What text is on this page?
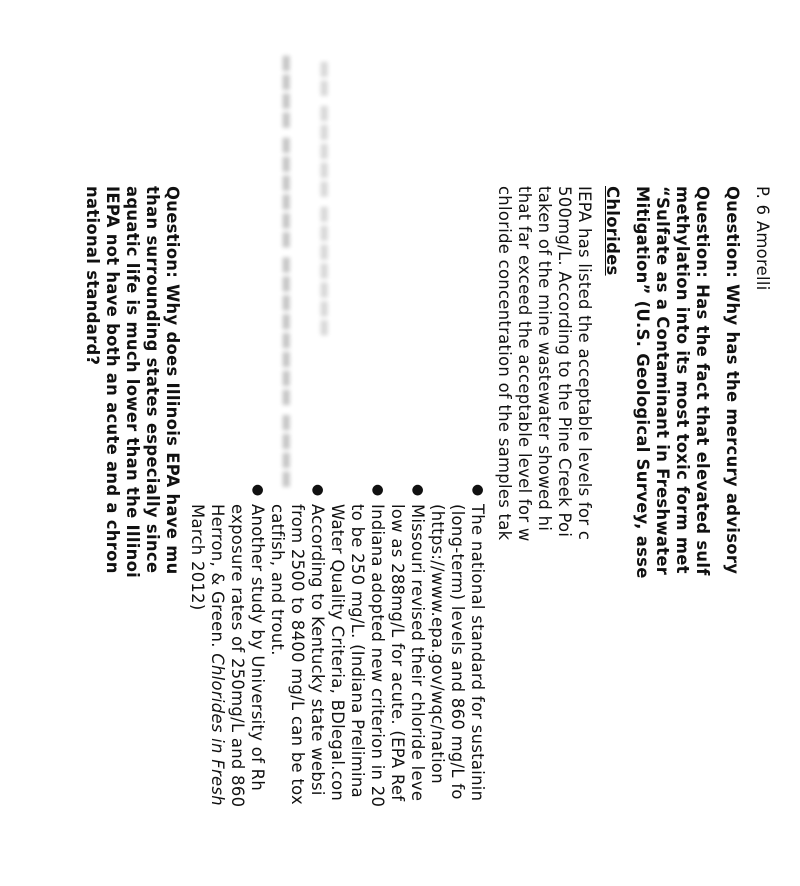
▬▬▬▬ ▬▬▬▬▬▬ ▬▬▬▬▬▬▬▬ ▬▬▬▬ ▬▬ ▬▬▬▬▬ ▬▬▬▬▬▬▬	P. 6 Amorelli
Question: Why has the mercury advisory
Question: Has the fact that elevated sulf
methylation into its most toxic form met
“Sulfate as a Contaminant in Freshwater
Mitigation” (U.S. Geological Survey, asse
Chlorides
IEPA has listed the acceptable levels for c
500mg/L. According to the Pine Creek Poi
taken of the mine wastewater showed hi
that far exceed the acceptable level for w
chloride concentration of the samples tak
●
The national standard for sustainin
(long-term) levels and 860 mg/L fo
(https://www.epa.gov/wqc/nation
●
Missouri revised their chloride leve
low as 288mg/L for acute. (EPA Ref
●
Indiana adopted new criterion in 20
to be 250 mg/L. (Indiana Prelimina
Water Quality Criteria, BDlegal.con
●
According to Kentucky state websi
from 2500 to 8400 mg/L can be tox
catfish, and trout.
●
Another study by University of Rh
exposure rates of 250mg/L and 860
Herron, & Green. Chlorides in Fresh
March 2012)
Question: Why does Illinois EPA have mu
than surrounding states especially since
aquatic life is much lower than the Illinoi
IEPA not have both an acute and a chron
national standard?
